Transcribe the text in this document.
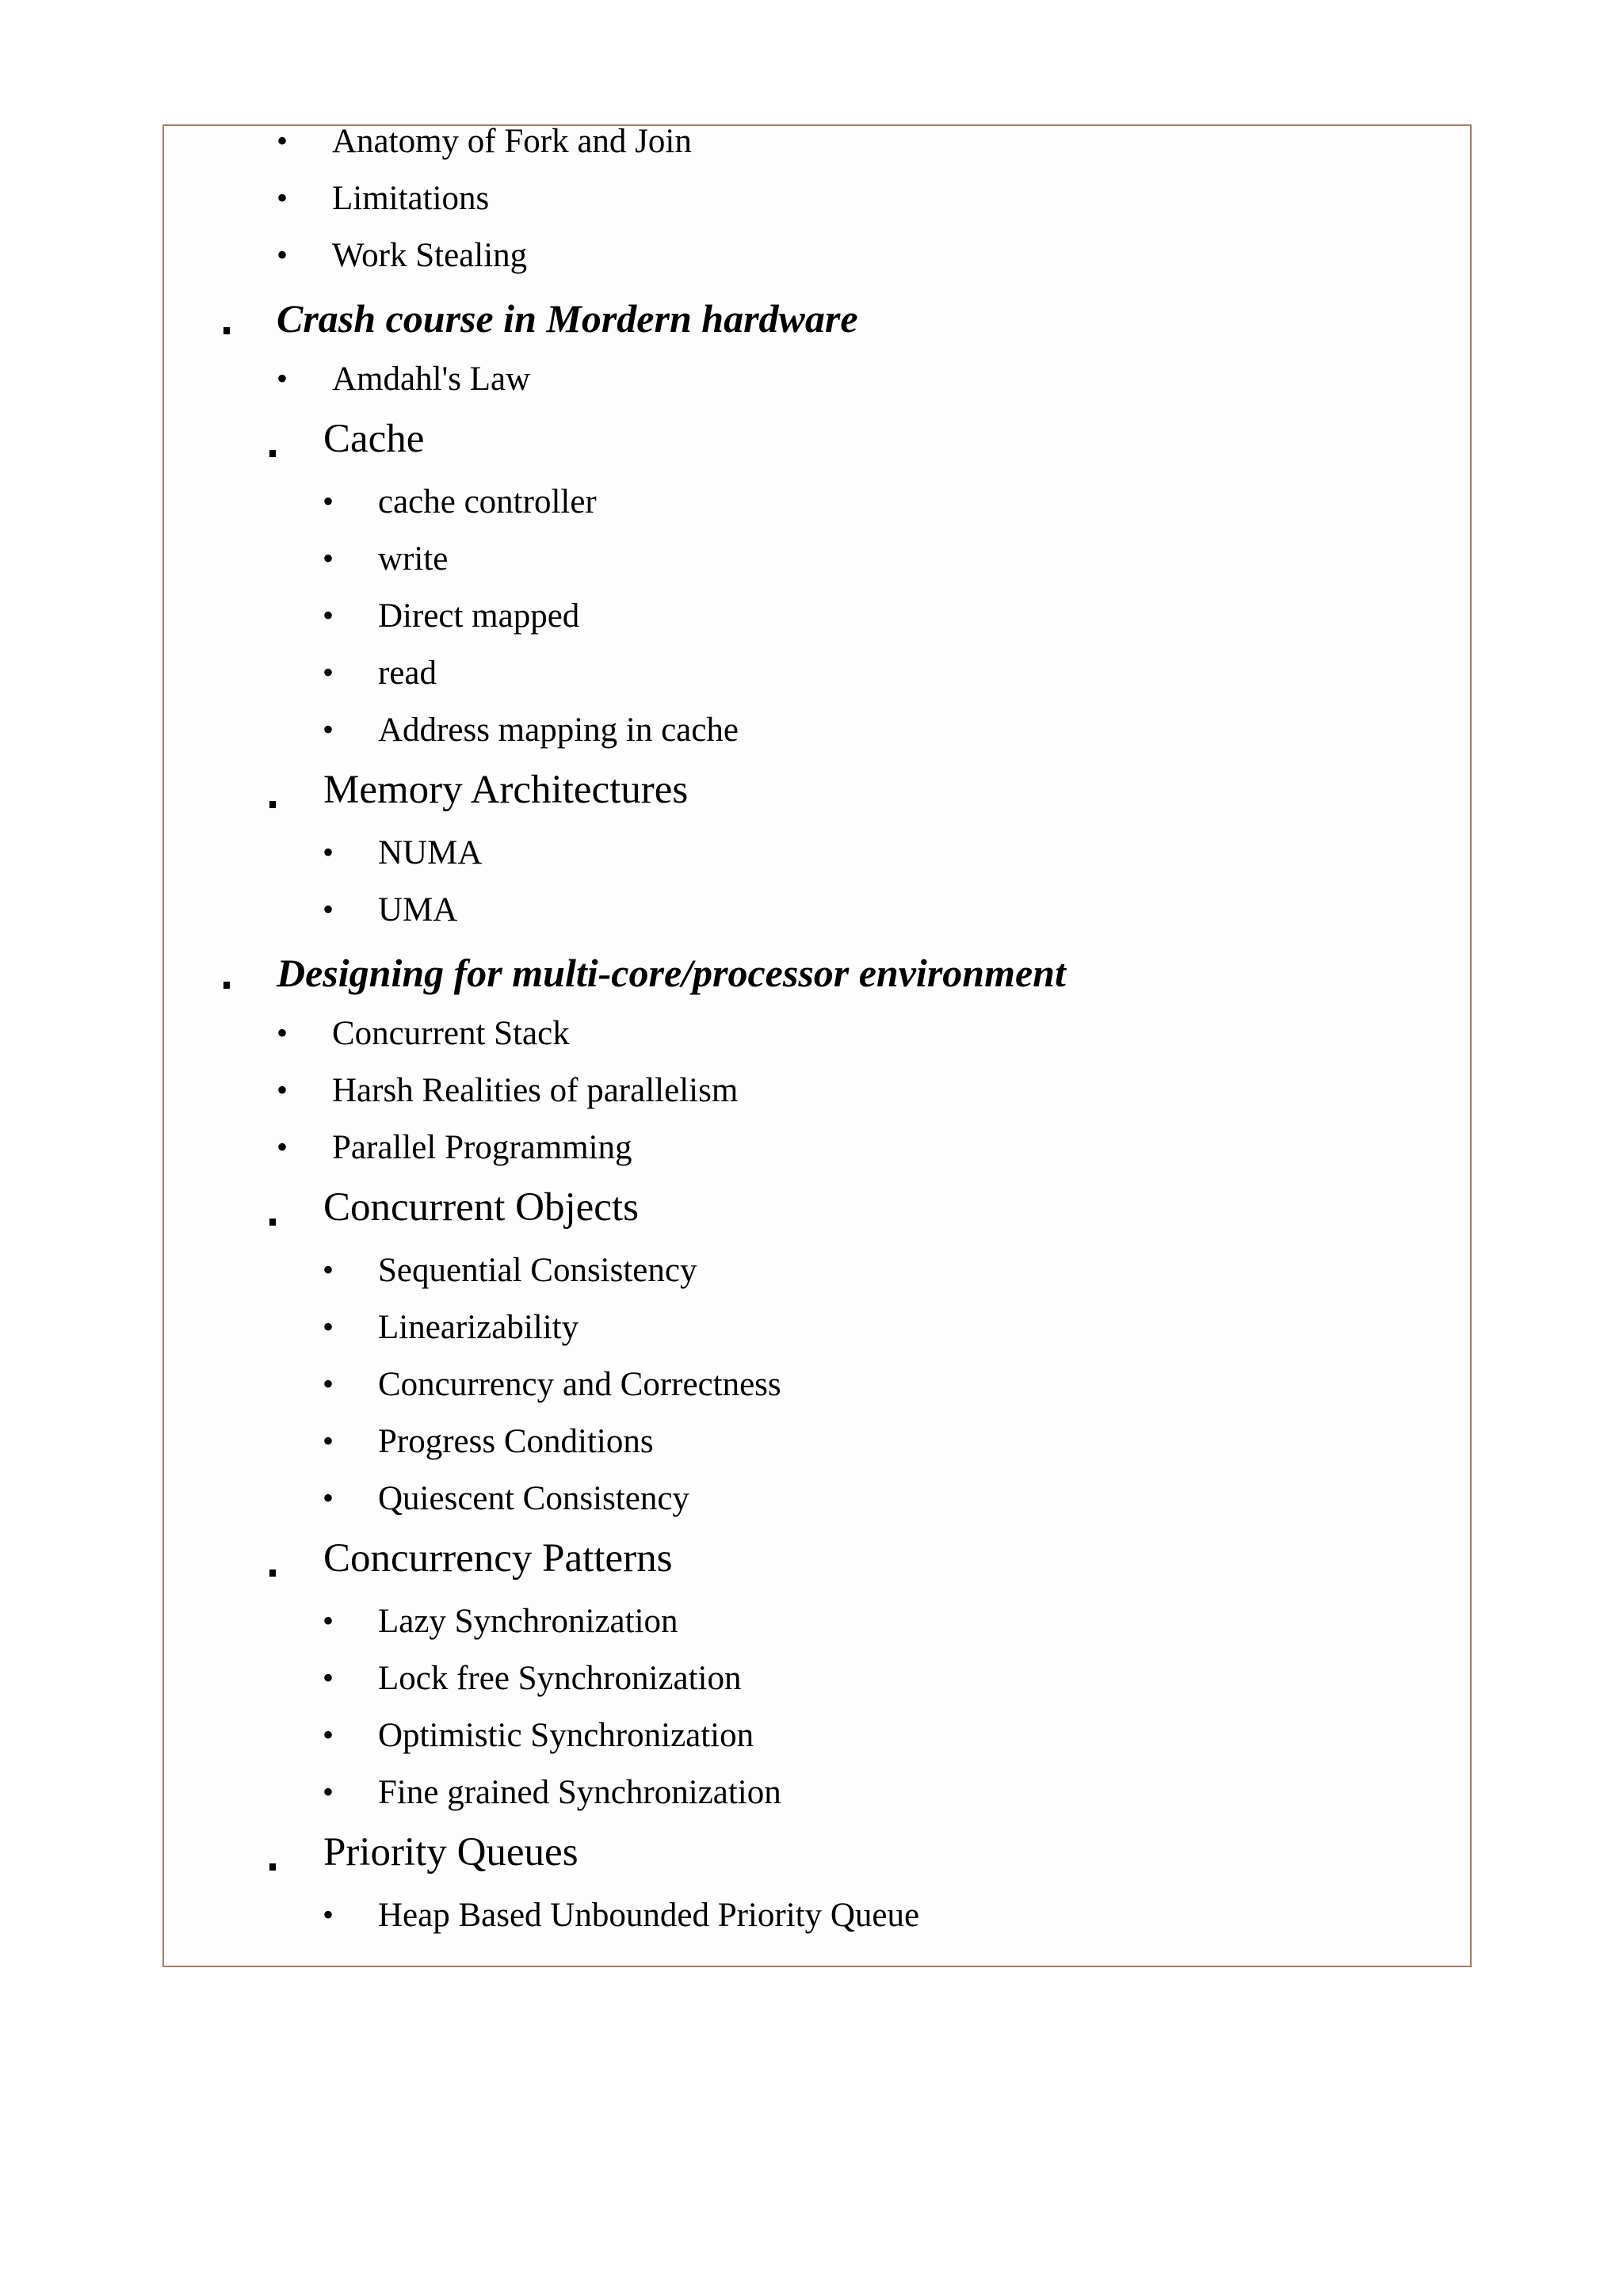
• Anatomy of Fork and Join
• Limitations
• Work Stealing
Crash course in Mordern hardware
• Amdahl's Law
Cache
• cache controller
• write
• Direct mapped
• read
• Address mapping in cache
Memory Architectures
• NUMA
• UMA
Designing for multi-core/processor environment
• Concurrent Stack
• Harsh Realities of parallelism
• Parallel Programming
Concurrent Objects
• Sequential Consistency
• Linearizability
• Concurrency and Correctness
• Progress Conditions
• Quiescent Consistency
Concurrency Patterns
• Lazy Synchronization
• Lock free Synchronization
• Optimistic Synchronization
• Fine grained Synchronization
Priority Queues
• Heap Based Unbounded Priority Queue
